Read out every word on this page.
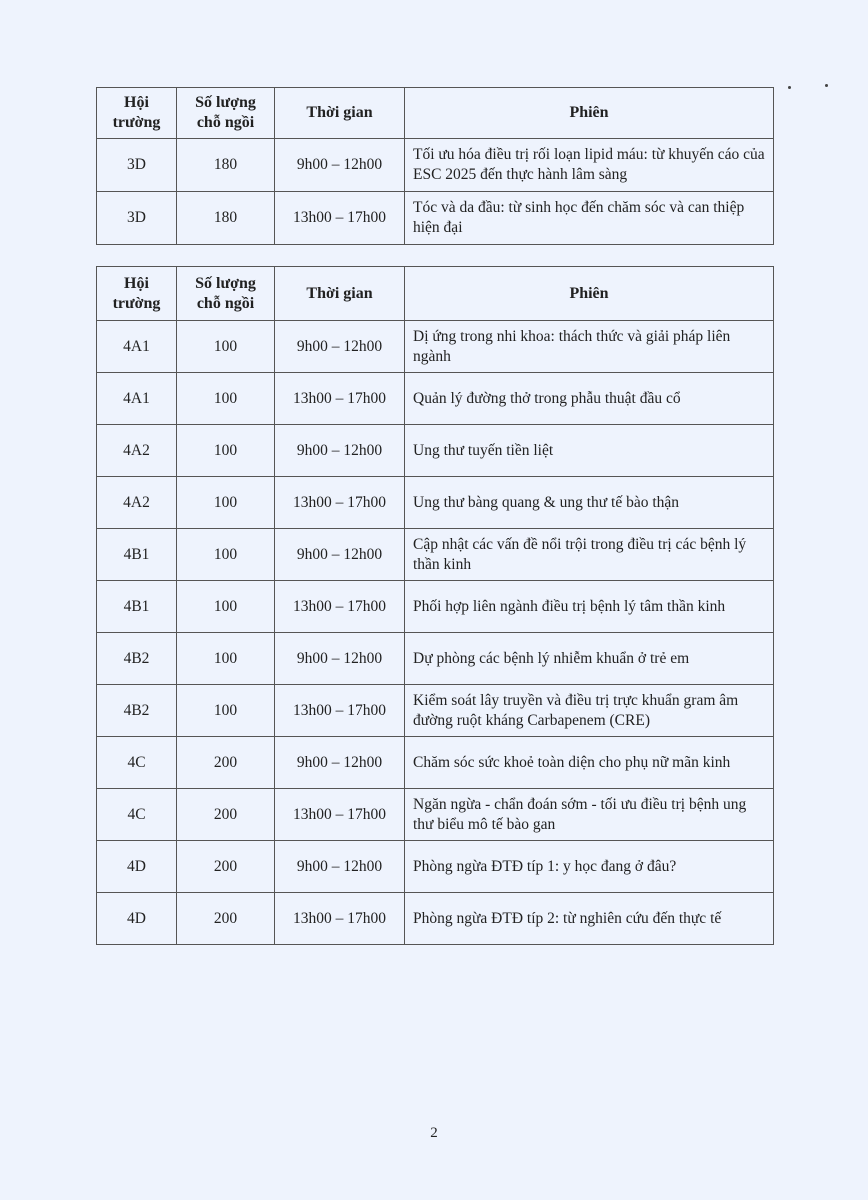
Hội trường	Số lượng chỗ ngồi	Thời gian	Phiên
3D	180	9h00 – 12h00	Tối ưu hóa điều trị rối loạn lipid máu: từ khuyến cáo của ESC 2025 đến thực hành lâm sàng
3D	180	13h00 – 17h00	Tóc và da đầu: từ sinh học đến chăm sóc và can thiệp hiện đại
Hội trường	Số lượng chỗ ngồi	Thời gian	Phiên
4A1	100	9h00 – 12h00	Dị ứng trong nhi khoa: thách thức và giải pháp liên ngành
4A1	100	13h00 – 17h00	Quản lý đường thở trong phẫu thuật đầu cổ
4A2	100	9h00 – 12h00	Ung thư tuyến tiền liệt
4A2	100	13h00 – 17h00	Ung thư bàng quang & ung thư tế bào thận
4B1	100	9h00 – 12h00	Cập nhật các vấn đề nổi trội trong điều trị các bệnh lý thần kinh
4B1	100	13h00 – 17h00	Phối hợp liên ngành điều trị bệnh lý tâm thần kinh
4B2	100	9h00 – 12h00	Dự phòng các bệnh lý nhiễm khuẩn ở trẻ em
4B2	100	13h00 – 17h00	Kiểm soát lây truyền và điều trị trực khuẩn gram âm đường ruột kháng Carbapenem (CRE)
4C	200	9h00 – 12h00	Chăm sóc sức khoẻ toàn diện cho phụ nữ mãn kinh
4C	200	13h00 – 17h00	Ngăn ngừa - chẩn đoán sớm - tối ưu điều trị bệnh ung thư biểu mô tế bào gan
4D	200	9h00 – 12h00	Phòng ngừa ĐTĐ típ 1: y học đang ở đâu?
4D	200	13h00 – 17h00	Phòng ngừa ĐTĐ típ 2: từ nghiên cứu đến thực tế
2
